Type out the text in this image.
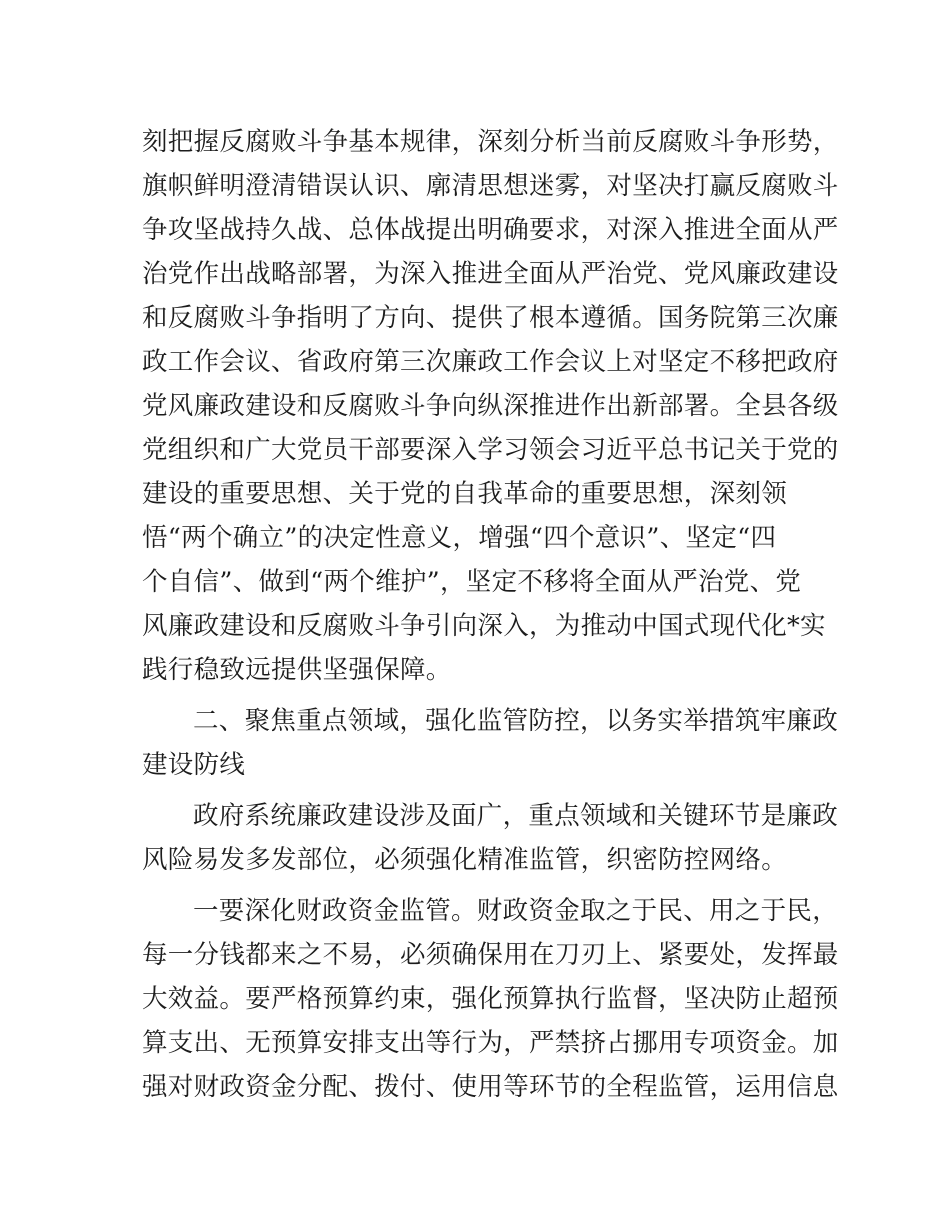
刻把握反腐败斗争基本规律，深刻分析当前反腐败斗争形势，
旗帜鲜明澄清错误认识、廓清思想迷雾，对坚决打赢反腐败斗
争攻坚战持久战、总体战提出明确要求，对深入推进全面从严
治党作出战略部署，为深入推进全面从严治党、党风廉政建设
和反腐败斗争指明了方向、提供了根本遵循。国务院第三次廉
政工作会议、省政府第三次廉政工作会议上对坚定不移把政府
党风廉政建设和反腐败斗争向纵深推进作出新部署。全县各级
党组织和广大党员干部要深入学习领会习近平总书记关于党的
建设的重要思想、关于党的自我革命的重要思想，深刻领
悟“两个确立”的决定性意义，增强“四个意识”、坚定“四
个自信”、做到“两个维护”，坚定不移将全面从严治党、党
风廉政建设和反腐败斗争引向深入，为推动中国式现代化*实
践行稳致远提供坚强保障。
二、聚焦重点领域，强化监管防控，以务实举措筑牢廉政
建设防线
政府系统廉政建设涉及面广，重点领域和关键环节是廉政
风险易发多发部位，必须强化精准监管，织密防控网络。
一要深化财政资金监管。财政资金取之于民、用之于民，
每一分钱都来之不易，必须确保用在刀刃上、紧要处，发挥最
大效益。要严格预算约束，强化预算执行监督，坚决防止超预
算支出、无预算安排支出等行为，严禁挤占挪用专项资金。加
强对财政资金分配、拨付、使用等环节的全程监管，运用信息
